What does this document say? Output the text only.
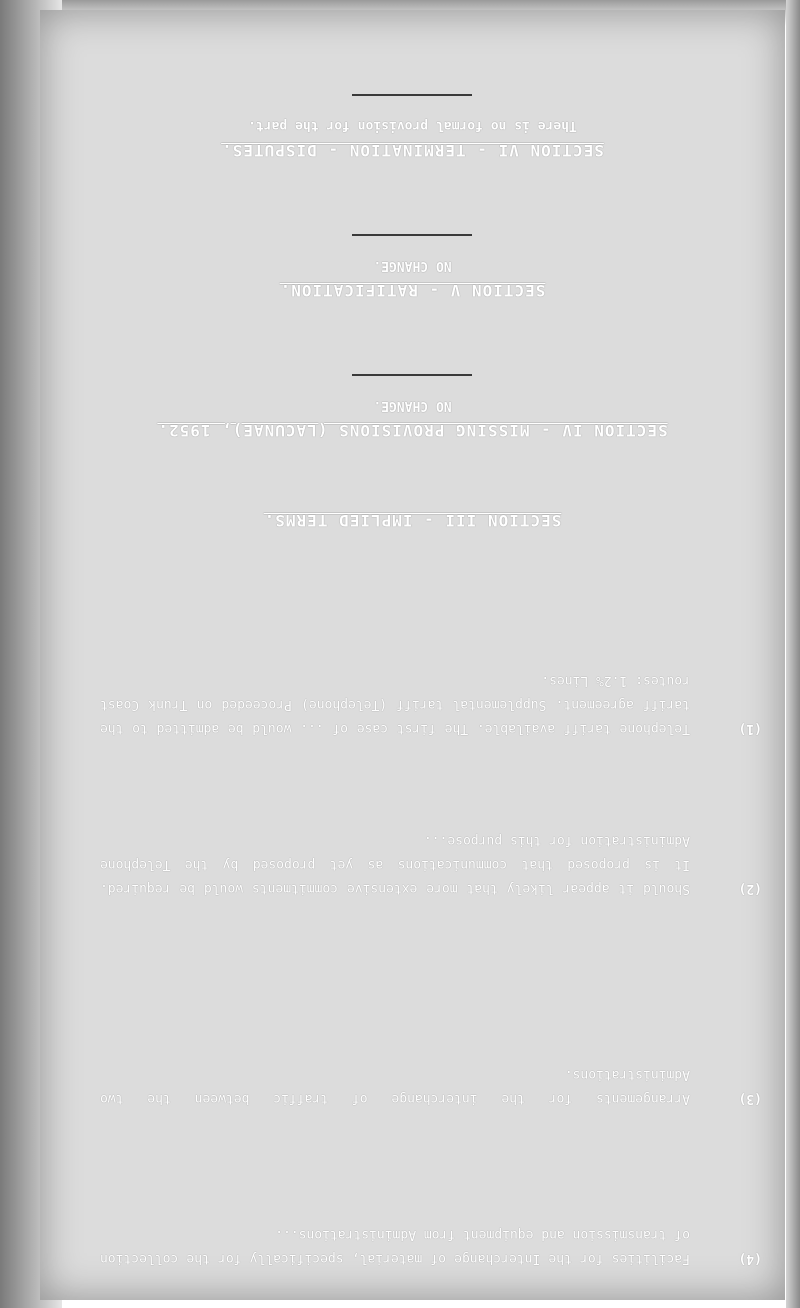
(4)

Facilities for the Interchange of material, specifically for the collection of transmission and equipment from Administrations...

(3)

Arrangements for the interchange of traffic between the two Administrations.

(2)

Should it appear likely that more extensive commitments would be required. It is proposed that communications as yet proposed by the Telephone Administration for this purpose...

(1)

Telephone tariff available. The first case of ... would be admitted to the tariff agreement. Supplemental tariff (Telephone) Proceeded on Trunk Coast routes: 1.2% Lines.

SECTION III - IMPLIED TERMS.
SECTION IV - MISSING PROVISIONS (LACUNAE), 1952.
NO CHANGE.
SECTION V - RATIFICATION.
NO CHANGE.
SECTION VI - TERMINATION - DISPUTES.
There is no formal provision for the part.
